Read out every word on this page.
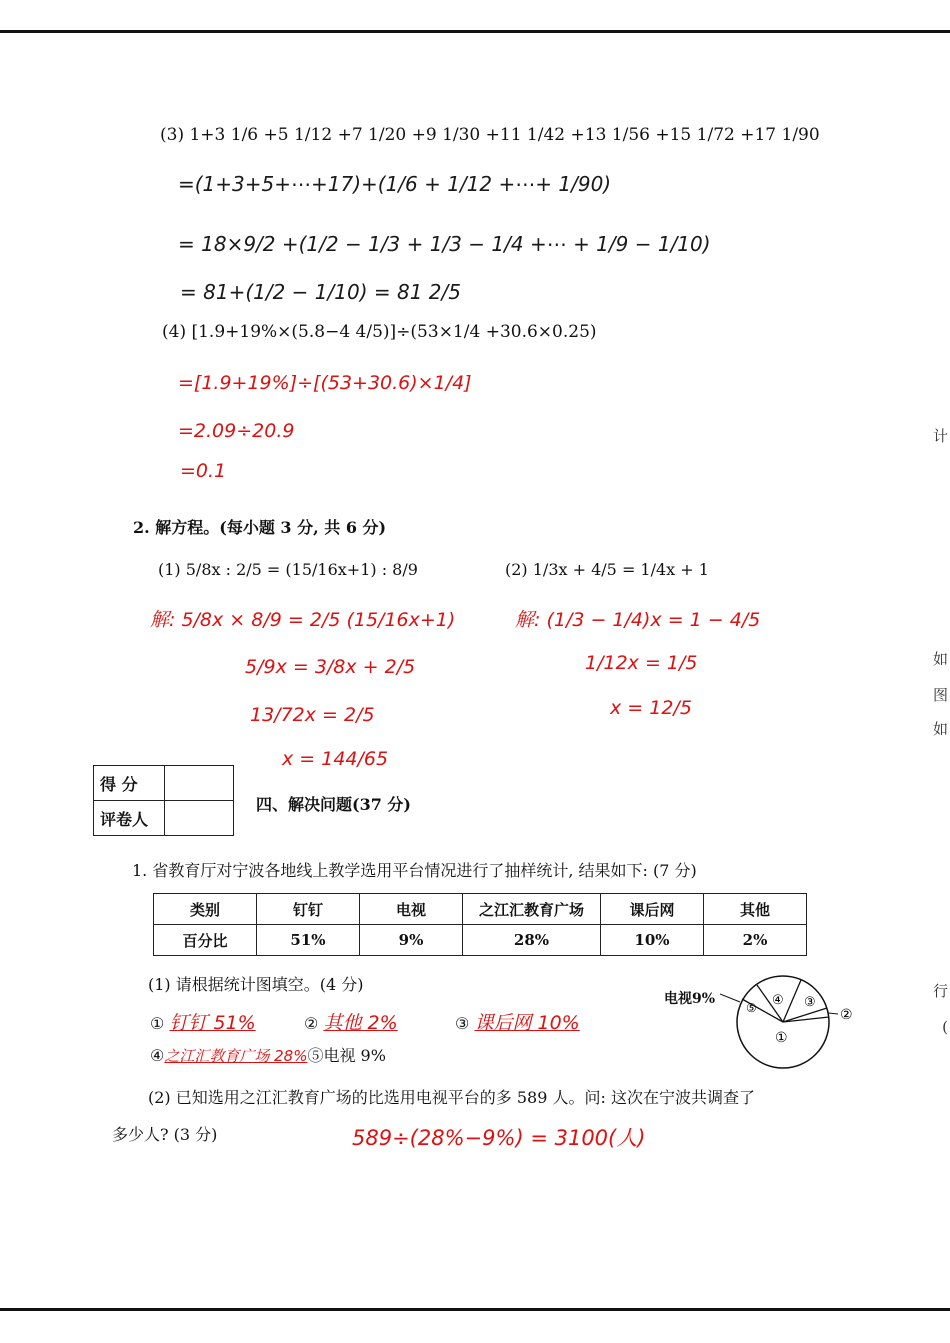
(3) 1+3 1/6 +5 1/12 +7 1/20 +9 1/30 +11 1/42 +13 1/56 +15 1/72 +17 1/90
=(1+3+5+⋯+17)+(1/6 + 1/12 +⋯+ 1/90)
= 18×9/2 +(1/2 − 1/3 + 1/3 − 1/4 +⋯ + 1/9 − 1/10)
= 81+(1/2 − 1/10) = 81 2/5
(4) [1.9+19%×(5.8−4 4/5)]÷(53×1/4 +30.6×0.25)
=[1.9+19%]÷[(53+30.6)×1/4]
=2.09÷20.9
=0.1
2. 解方程。(每小题 3 分, 共 6 分)
(1) 5/8x : 2/5 = (15/16x+1) : 8/9
解: 5/8x × 8/9 = 2/5 (15/16x+1)
5/9x = 3/8x + 2/5
13/72x = 2/5
x = 144/65
(2) 1/3x + 4/5 = 1/4x + 1
解: (1/3 − 1/4)x = 1 − 4/5
1/12x = 1/5
x = 12/5
得 分	
评卷人	
四、解决问题(37 分)
1. 省教育厅对宁波各地线上教学选用平台情况进行了抽样统计, 结果如下: (7 分)
类别	钉钉	电视	之江汇教育广场	课后网	其他
百分比	51%	9%	28%	10%	2%
(1) 请根据统计图填空。(4 分)
① 钉钉 51%	② 其他 2%	③ 课后网 10%
④之江汇教育广场 28%⑤电视 9%
电视9%
①
②
③
④
⑤
(2) 已知选用之江汇教育广场的比选用电视平台的多 589 人。问: 这次在宁波共调查了
多少人? (3 分)	589÷(28%−9%) = 3100(人)
计
如
图
如
行
(
